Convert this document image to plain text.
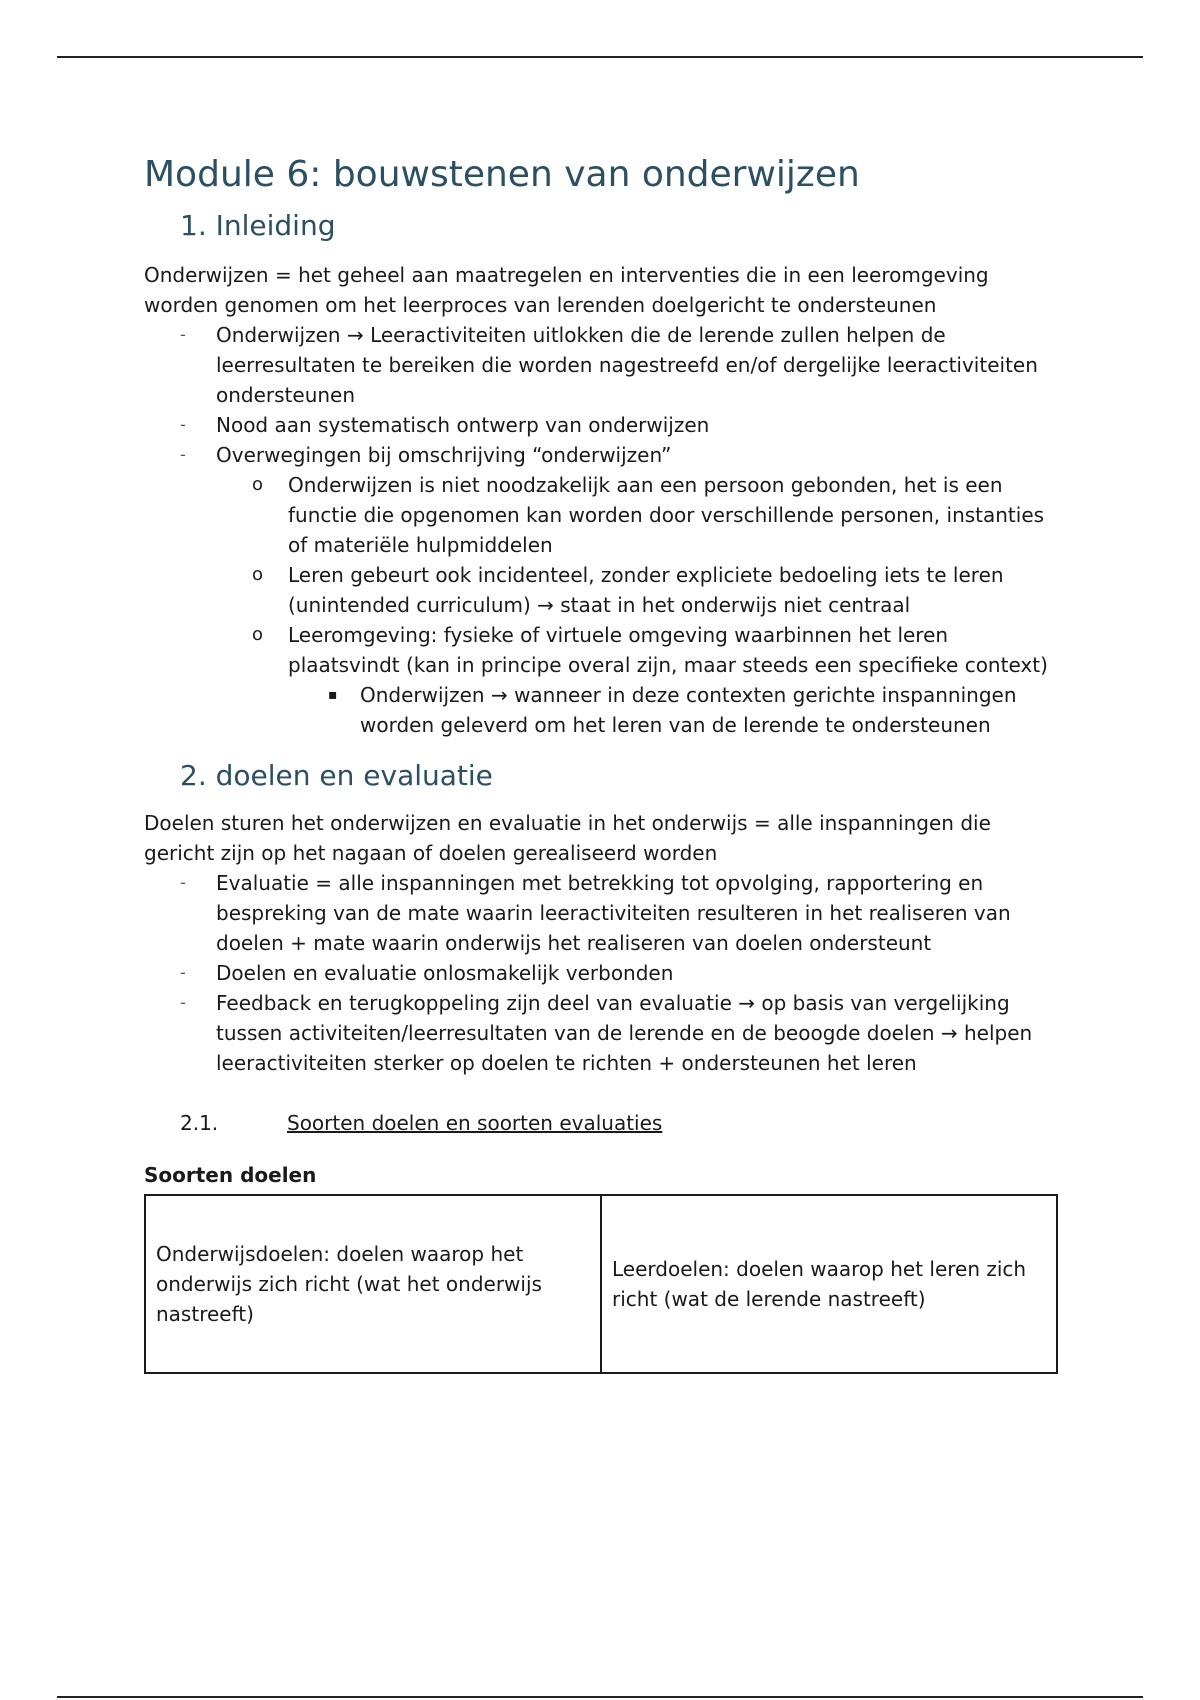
Module 6: bouwstenen van onderwijzen
1. Inleiding

Onderwijzen = het geheel aan maatregelen en interventies die in een leeromgeving worden genomen om het leerproces van lerenden doelgericht te ondersteunen

- Onderwijzen → Leeractiviteiten uitlokken die de lerende zullen helpen de leerresultaten te bereiken die worden nagestreefd en/of dergelijke leeractiviteiten ondersteunen
- Nood aan systematisch ontwerp van onderwijzen
- Overwegingen bij omschrijving “onderwijzen”
o Onderwijzen is niet noodzakelijk aan een persoon gebonden, het is een functie die opgenomen kan worden door verschillende personen, instanties of materiële hulpmiddelen
o Leren gebeurt ook incidenteel, zonder expliciete bedoeling iets te leren (unintended curriculum) → staat in het onderwijs niet centraal
o Leeromgeving: fysieke of virtuele omgeving waarbinnen het leren plaatsvindt (kan in principe overal zijn, maar steeds een specifieke context)
▪ Onderwijzen → wanneer in deze contexten gerichte inspanningen worden geleverd om het leren van de lerende te ondersteunen
2. doelen en evaluatie

Doelen sturen het onderwijzen en evaluatie in het onderwijs = alle inspanningen die gericht zijn op het nagaan of doelen gerealiseerd worden

- Evaluatie = alle inspanningen met betrekking tot opvolging, rapportering en bespreking van de mate waarin leeractiviteiten resulteren in het realiseren van doelen + mate waarin onderwijs het realiseren van doelen ondersteunt
- Doelen en evaluatie onlosmakelijk verbonden
- Feedback en terugkoppeling zijn deel van evaluatie → op basis van vergelijking tussen activiteiten/leerresultaten van de lerende en de beoogde doelen → helpen leeractiviteiten sterker op doelen te richten + ondersteunen het leren
2.1.	Soorten doelen en soorten evaluaties
Soorten doelen
Onderwijsdoelen: doelen waarop het onderwijs zich richt (wat het onderwijs nastreeft)	Leerdoelen: doelen waarop het leren zich richt (wat de lerende nastreeft)
